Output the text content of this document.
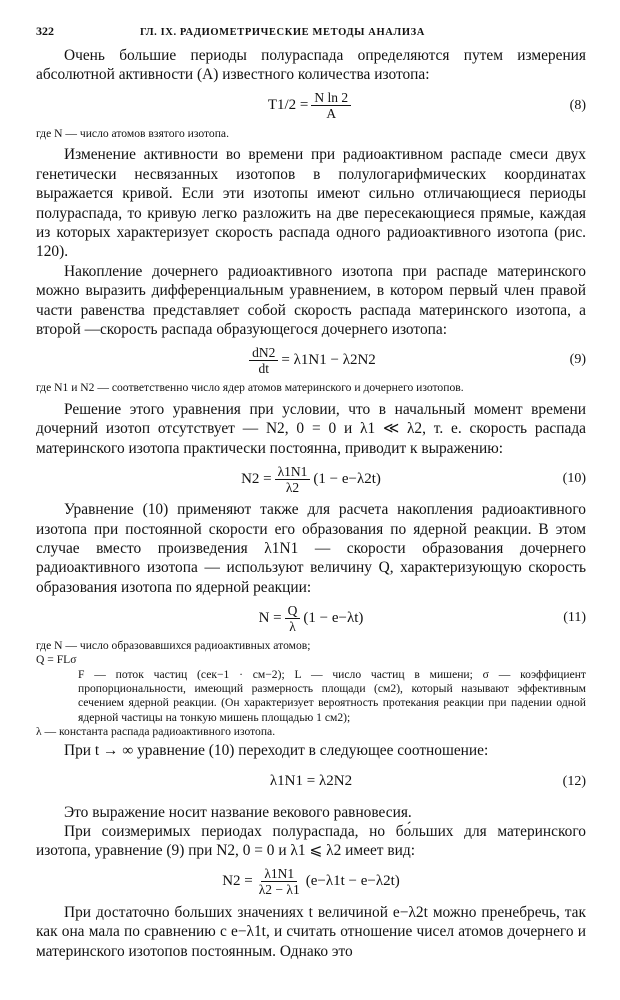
322	ГЛ. IX. РАДИОМЕТРИЧЕСКИЕ МЕТОДЫ АНАЛИЗА

Очень большие периоды полураспада определяются путем измерения абсолютной активности (A) известного количества изотопа:

$T1/2 = \frac{\text{N ln 2}}{A}$	(8)

где N — число атомов взятого изотопа.

Изменение активности во времени при радиоактивном распаде смеси двух генетически несвязанных изотопов в полулогарифмических координатах выражается кривой. Если эти изотопы имеют сильно отличающиеся периоды полураспада, то кривую легко разложить на две пересекающиеся прямые, каждая из которых характеризует скорость распада одного радиоактивного изотопа (рис. 120).

Накопление дочернего радиоактивного изотопа при распаде материнского можно выразить дифференциальным уравнением, в котором первый член правой части равенства представляет собой скорость распада материнского изотопа, а второй —скорость распада образующегося дочернего изотопа:

$\frac{dN2}{dt} = \lambda 1N1 - \lambda 2N2$	(9)

где N1 и N2 — соответственно число ядер атомов материнского и дочернего изотопов.

Решение этого уравнения при условии, что в начальный момент времени дочерний изотоп отсутствует — N2, 0 = 0 и λ1 ≪ λ2, т. е. скорость распада материнского изотопа практически постоянна, приводит к выражению:

$N2 = \frac{\lambda 1N1}{\lambda 2} (1 - e-\lambda 2t)$	(10)

Уравнение (10) применяют также для расчета накопления радиоактивного изотопа при постоянной скорости его образования по ядерной реакции. В этом случае вместо произведения λ1N1 — скорости образования дочернего радиоактивного изотопа — используют величину Q, характеризующую скорость образования изотопа по ядерной реакции:

$N = \frac{Q}{\lambda} (1 - e-\lambda t)$	(11)
где N — число образовавшихся радиоактивных атомов;
Q = FLσ
F — поток частиц (сек−1 · см−2); L — число частиц в мишени; σ — коэффициент пропорциональности, имеющий размерность площади (см2), который называют эффективным сечением ядерной реакции. (Он характеризует вероятность протекания реакции при падении одной ядерной частицы на тонкую мишень площадью 1 см2);
λ — константа распада радиоактивного изотопа.

При t → ∞ уравнение (10) переходит в следующее соотношение:

λ1N1 = λ2N2	(12)

Это выражение носит название векового равновесия.

При соизмеримых периодах полураспада, но бо́льших для материнского изотопа, уравнение (9) при N2, 0 = 0 и λ1 ⩽ λ2 имеет вид:

$N2 = \frac{\lambda 1N1}{\lambda 2 - \lambda 1} (e-\lambda 1t - e-\lambda 2t)$

При достаточно больших значениях t величиной e−λ2t можно пренебречь, так как она мала по сравнению с e−λ1t, и считать отношение чисел атомов дочернего и материнского изотопов постоянным. Однако это
